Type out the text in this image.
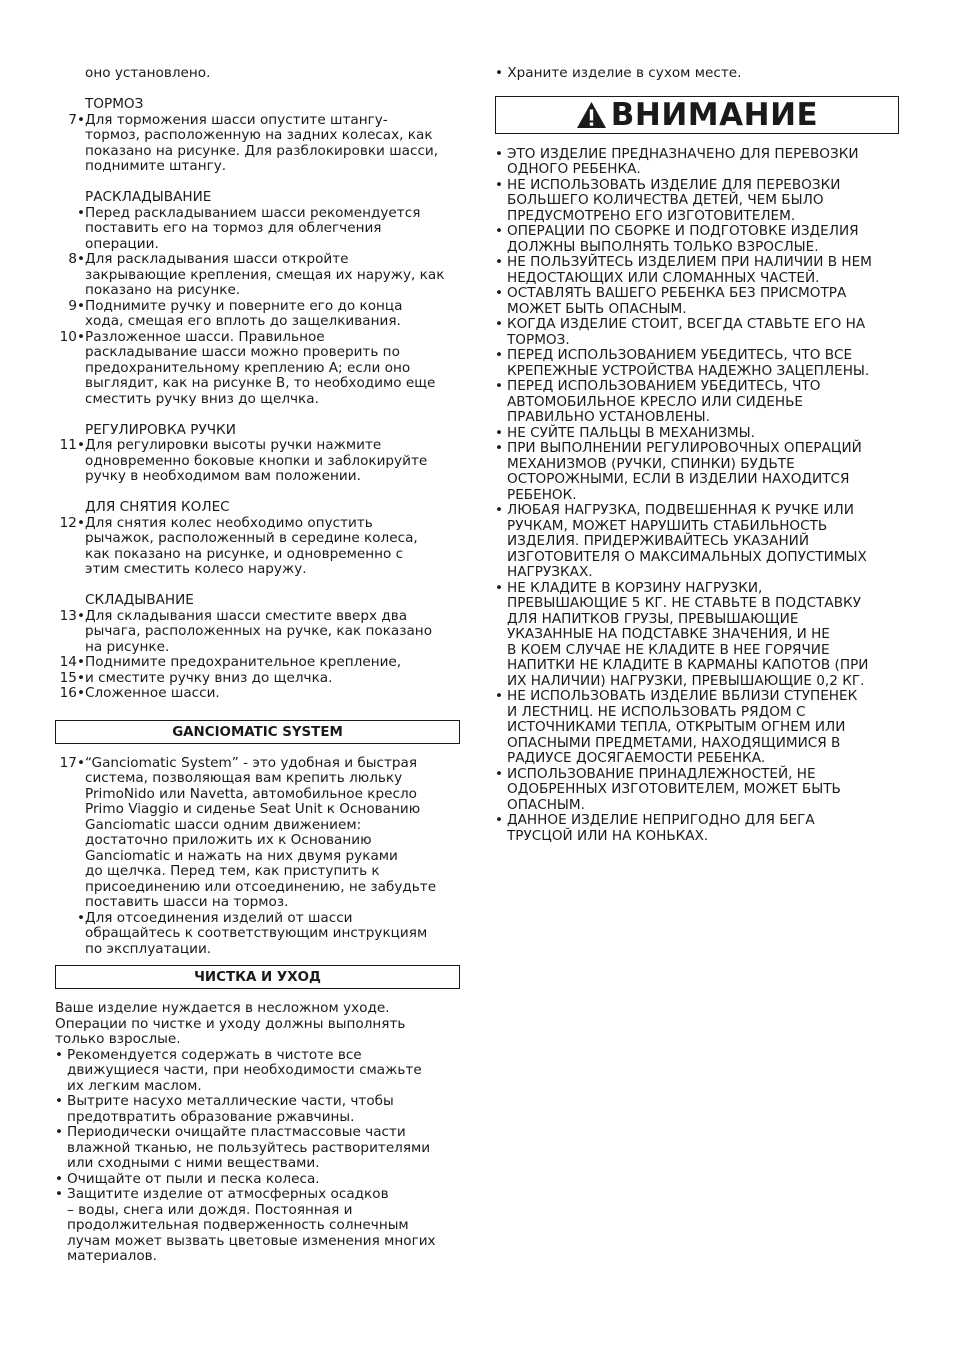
оно установлено.
ТОРМОЗ
7•Для торможения шасси опустите штангу-
тормоз, расположенную на задних колесах, как
показано на рисунке. Для разблокировки шасси,
поднимите штангу.
РАСКЛАДЫВАНИЕ
•Перед раскладыванием шасси рекомендуется
поставить его на тормоз для облегчения
операции.
8•Для раскладывания шасси откройте
закрывающие крепления, смещая их наружу, как
показано на рисунке.
9•Поднимите ручку и поверните его до конца
хода, смещая его вплоть до защелкивания.
10•Разложенное шасси. Правильное
раскладывание шасси можно проверить по
предохранительному креплению A; если оно
выглядит, как на рисунке B, то необходимо еще
сместить ручку вниз до щелчка.
РЕГУЛИРОВКА РУЧКИ
11•Для регулировки высоты ручки нажмите
одновременно боковые кнопки и заблокируйте
ручку в необходимом вам положении.
ДЛЯ СНЯТИЯ КОЛЕС
12•Для снятия колес необходимо опустить
рычажок, расположенный в середине колеса,
как показано на рисунке, и одновременно с
этим сместить колесо наружу.
СКЛАДЫВАНИЕ
13•Для складывания шасси сместите вверх два
рычага, расположенных на ручке, как показано
на рисунке.
14•Поднимите предохранительное крепление,
15•и сместите ручку вниз до щелчка.
16•Сложенное шасси.
GANCIOMATIC SYSTEM
17•“Ganciomatic System” - это удобная и быстрая
система, позволяющая вам крепить люльку
PrimoNido или Navetta, автомобильное кресло
Primo Viaggio и сиденье Seat Unit к Основанию
Ganciomatic шасси одним движением:
достаточно приложить их к Основанию
Ganciomatic и нажать на них двумя руками
до щелчка. Перед тем, как приступить к
присоединению или отсоединению, не забудьте
поставить шасси на тормоз.
•Для отсоединения изделий от шасси
обращайтесь к соответствующим инструкциям
по эксплуатации.
ЧИСТКА И УХОД
Ваше изделие нуждается в несложном уходе.
Операции по чистке и уходу должны выполнять
только взрослые.
• Рекомендуется содержать в чистоте все
движущиеся части, при необходимости смажьте
их легким маслом.
• Вытрите насухо металлические части, чтобы
предотвратить образование ржавчины.
• Периодически очищайте пластмассовые части
влажной тканью, не пользуйтесь растворителями
или сходными с ними веществами.
• Очищайте от пыли и песка колеса.
• Защитите изделие от атмосферных осадков
– воды, снега или дождя. Постоянная и
продолжительная подверженность солнечным
лучам может вызвать цветовые изменения многих
материалов.
• Храните изделие в сухом месте.
ВНИМАНИЕ
• ЭТО ИЗДЕЛИЕ ПРЕДНАЗНАЧЕНО ДЛЯ ПЕРЕВОЗКИ
ОДНОГО РЕБЕНКА.
• НЕ ИСПОЛЬЗОВАТЬ ИЗДЕЛИЕ ДЛЯ ПЕРЕВОЗКИ
БОЛЬШЕГО КОЛИЧЕСТВА ДЕТЕЙ, ЧЕМ БЫЛО
ПРЕДУСМОТРЕНО ЕГО ИЗГОТОВИТЕЛЕМ.
• ОПЕРАЦИИ ПО СБОРКЕ И ПОДГОТОВКЕ ИЗДЕЛИЯ
ДОЛЖНЫ ВЫПОЛНЯТЬ ТОЛЬКО ВЗРОСЛЫЕ.
• НЕ ПОЛЬЗУЙТЕСЬ ИЗДЕЛИЕМ ПРИ НАЛИЧИИ В НЕМ
НЕДОСТАЮЩИХ ИЛИ СЛОМАННЫХ ЧАСТЕЙ.
• ОСТАВЛЯТЬ ВАШЕГО РЕБЕНКА БЕЗ ПРИСМОТРА
МОЖЕТ БЫТЬ ОПАСНЫМ.
• КОГДА ИЗДЕЛИЕ СТОИТ, ВСЕГДА СТАВЬТЕ ЕГО НА
ТОРМОЗ.
• ПЕРЕД ИСПОЛЬЗОВАНИЕМ УБЕДИТЕСЬ, ЧТО ВСЕ
КРЕПЕЖНЫЕ УСТРОЙСТВА НАДЕЖНО ЗАЦЕПЛЕНЫ.
• ПЕРЕД ИСПОЛЬЗОВАНИЕМ УБЕДИТЕСЬ, ЧТО
АВТОМОБИЛЬНОЕ КРЕСЛО ИЛИ СИДЕНЬЕ
ПРАВИЛЬНО УСТАНОВЛЕНЫ.
• НЕ СУЙТЕ ПАЛЬЦЫ В МЕХАНИЗМЫ.
• ПРИ ВЫПОЛНЕНИИ РЕГУЛИРОВОЧНЫХ ОПЕРАЦИЙ
МЕХАНИЗМОВ (РУЧКИ, СПИНКИ) БУДЬТЕ
ОСТОРОЖНЫМИ, ЕСЛИ В ИЗДЕЛИИ НАХОДИТСЯ
РЕБЕНОК.
• ЛЮБАЯ НАГРУЗКА, ПОДВЕШЕННАЯ К РУЧКЕ ИЛИ
РУЧКАМ, МОЖЕТ НАРУШИТЬ СТАБИЛЬНОСТЬ
ИЗДЕЛИЯ. ПРИДЕРЖИВАЙТЕСЬ УКАЗАНИЙ
ИЗГОТОВИТЕЛЯ О МАКСИМАЛЬНЫХ ДОПУСТИМЫХ
НАГРУЗКАХ.
• НЕ КЛАДИТЕ В КОРЗИНУ НАГРУЗКИ,
ПРЕВЫШАЮЩИЕ 5 КГ. НЕ СТАВЬТЕ В ПОДСТАВКУ
ДЛЯ НАПИТКОВ ГРУЗЫ, ПРЕВЫШАЮЩИЕ
УКАЗАННЫЕ НА ПОДСТАВКЕ ЗНАЧЕНИЯ, И НЕ
В КОЕМ СЛУЧАЕ НЕ КЛАДИТЕ В НЕЕ ГОРЯЧИЕ
НАПИТКИ НЕ КЛАДИТЕ В КАРМАНЫ КАПОТОВ (ПРИ
ИХ НАЛИЧИИ) НАГРУЗКИ, ПРЕВЫШАЮЩИЕ 0,2 КГ.
• НЕ ИСПОЛЬЗОВАТЬ ИЗДЕЛИЕ ВБЛИЗИ СТУПЕНЕК
И ЛЕСТНИЦ. НЕ ИСПОЛЬЗОВАТЬ РЯДОМ С
ИСТОЧНИКАМИ ТЕПЛА, ОТКРЫТЫМ ОГНЕМ ИЛИ
ОПАСНЫМИ ПРЕДМЕТАМИ, НАХОДЯЩИМИСЯ В
РАДИУСЕ ДОСЯГАЕМОСТИ РЕБЕНКА.
• ИСПОЛЬЗОВАНИЕ ПРИНАДЛЕЖНОСТЕЙ, НЕ
ОДОБРЕННЫХ ИЗГОТОВИТЕЛЕМ, МОЖЕТ БЫТЬ
ОПАСНЫМ.
• ДАННОЕ ИЗДЕЛИЕ НЕПРИГОДНО ДЛЯ БЕГА
ТРУСЦОЙ ИЛИ НА КОНЬКАХ.
